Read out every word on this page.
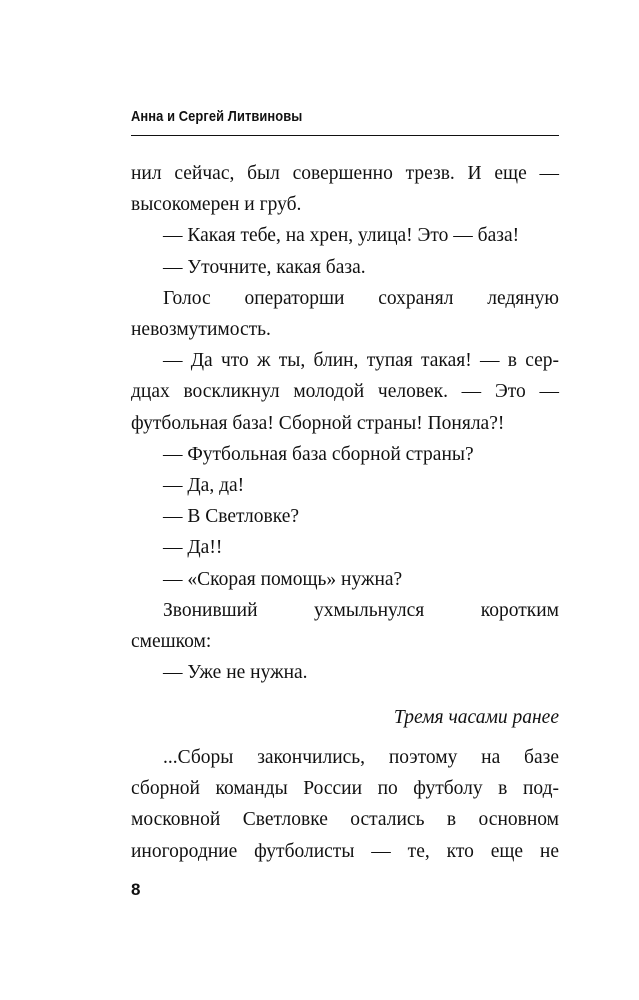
Анна и Сергей Литвиновы
нил сейчас, был совершенно трезв. И еще —
высокомерен и груб.
— Какая тебе, на хрен, улица! Это — база!
— Уточните, какая база.
Голос операторши сохранял ледяную
невозмутимость.
— Да что ж ты, блин, тупая такая! — в сер-
дцах воскликнул молодой человек. — Это —
футбольная база! Сборной страны! Поняла?!
— Футбольная база сборной страны?
— Да, да!
— В Светловке?
— Да!!
— «Скорая помощь» нужна?
Звонивший ухмыльнулся коротким
смешком:
— Уже не нужна.
Тремя часами ранее
...Сборы закончились, поэтому на базе
сборной команды России по футболу в под-
московной Светловке остались в основном
иногородние футболисты — те, кто еще не
8
